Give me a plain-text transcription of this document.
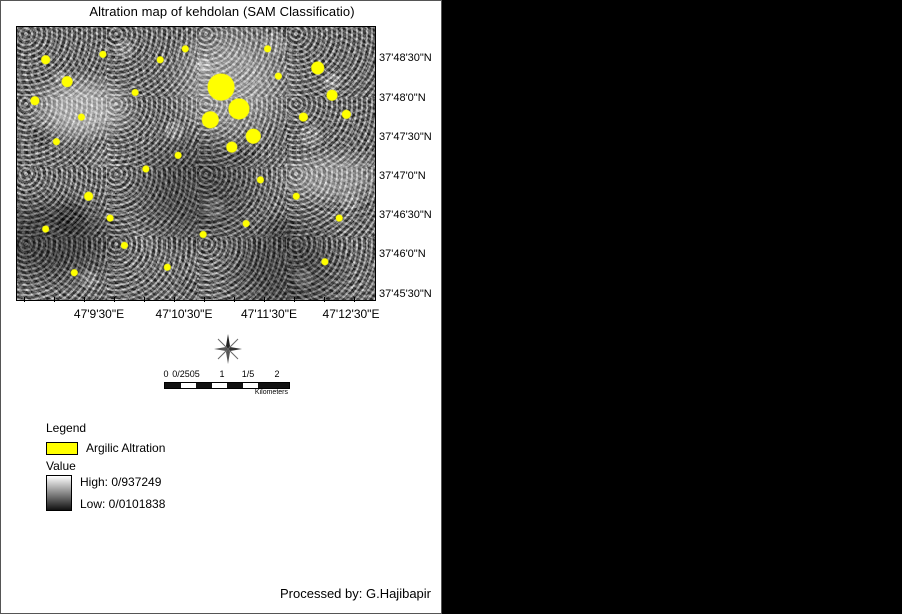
Altration map of kehdolan (SAM Classificatio)
37'48'30"N
37'48'0"N
37'47'30"N
37'47'0"N
37'46'30"N
37'46'0"N
37'45'30"N
47'9'30"E	47'10'30"E 47'11'30"E 47'12'30"E
0 0/2505 1 1/5 2
Kilometers
Legend
Argilic Altration
Value
High: 0/937249
Low: 0/0101838
Processed by: G.Hajibapir
